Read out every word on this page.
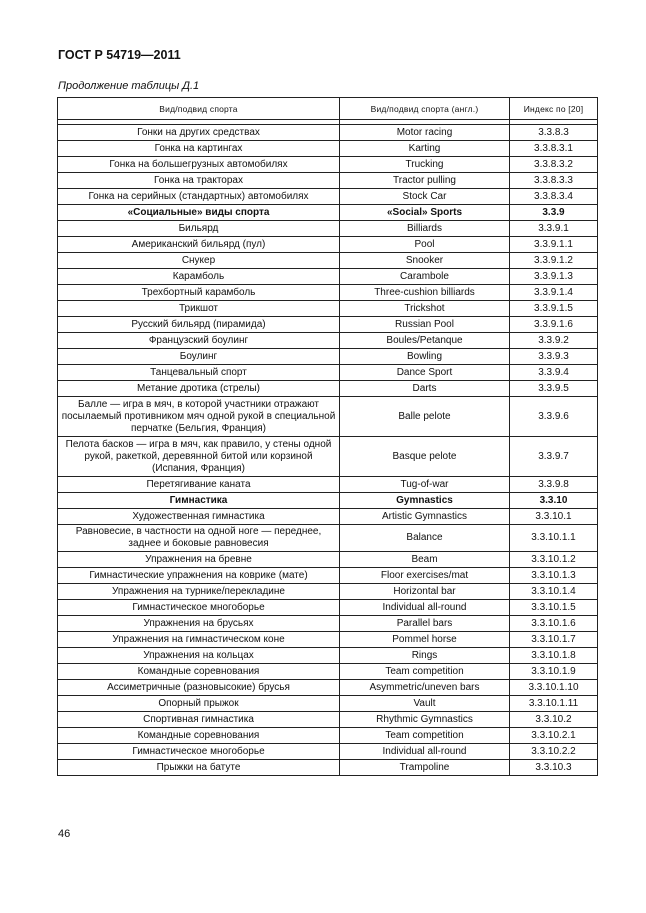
ГОСТ Р 54719—2011
Продолжение таблицы Д.1
Вид/подвид спорта	Вид/подвид спорта (англ.)	Индекс по [20]

Гонки на других средствах	Motor racing	3.3.8.3
Гонка на картингах	Karting	3.3.8.3.1
Гонка на большегрузных автомобилях	Trucking	3.3.8.3.2
Гонка на тракторах	Tractor pulling	3.3.8.3.3
Гонка на серийных (стандартных) автомобилях	Stock Car	3.3.8.3.4
«Социальные» виды спорта	«Social» Sports	3.3.9
Бильярд	Billiards	3.3.9.1
Американский бильярд (пул)	Pool	3.3.9.1.1
Снукер	Snooker	3.3.9.1.2
Карамболь	Carambole	3.3.9.1.3
Трехбортный карамболь	Three-cushion billiards	3.3.9.1.4
Трикшот	Trickshot	3.3.9.1.5
Русский бильярд (пирамида)	Russian Pool	3.3.9.1.6
Французский боулинг	Boules/Petanque	3.3.9.2
Боулинг	Bowling	3.3.9.3
Танцевальный спорт	Dance Sport	3.3.9.4
Метание дротика (стрелы)	Darts	3.3.9.5
Балле — игра в мяч, в которой участники отражают посылаемый противником мяч одной рукой в специальной перчатке (Бельгия, Франция)	Balle pelote	3.3.9.6
Пелота басков — игра в мяч, как правило, у стены одной рукой, ракеткой, деревянной битой или корзиной (Испания, Франция)	Basque pelote	3.3.9.7
Перетягивание каната	Tug-of-war	3.3.9.8
Гимнастика	Gymnastics	3.3.10
Художественная гимнастика	Artistic Gymnastics	3.3.10.1
Равновесие, в частности на одной ноге — переднее, заднее и боковые равновесия	Balance	3.3.10.1.1
Упражнения на бревне	Beam	3.3.10.1.2
Гимнастические упражнения на коврике (мате)	Floor exercises/mat	3.3.10.1.3
Упражнения на турнике/перекладине	Horizontal bar	3.3.10.1.4
Гимнастическое многоборье	Individual all-round	3.3.10.1.5
Упражнения на брусьях	Parallel bars	3.3.10.1.6
Упражнения на гимнастическом коне	Pommel horse	3.3.10.1.7
Упражнения на кольцах	Rings	3.3.10.1.8
Командные соревнования	Team competition	3.3.10.1.9
Ассиметричные (разновысокие) брусья	Asymmetric/uneven bars	3.3.10.1.10
Опорный прыжок	Vault	3.3.10.1.11
Спортивная гимнастика	Rhythmic Gymnastics	3.3.10.2
Командные соревнования	Team competition	3.3.10.2.1
Гимнастическое многоборье	Individual all-round	3.3.10.2.2
Прыжки на батуте	Trampoline	3.3.10.3
46
